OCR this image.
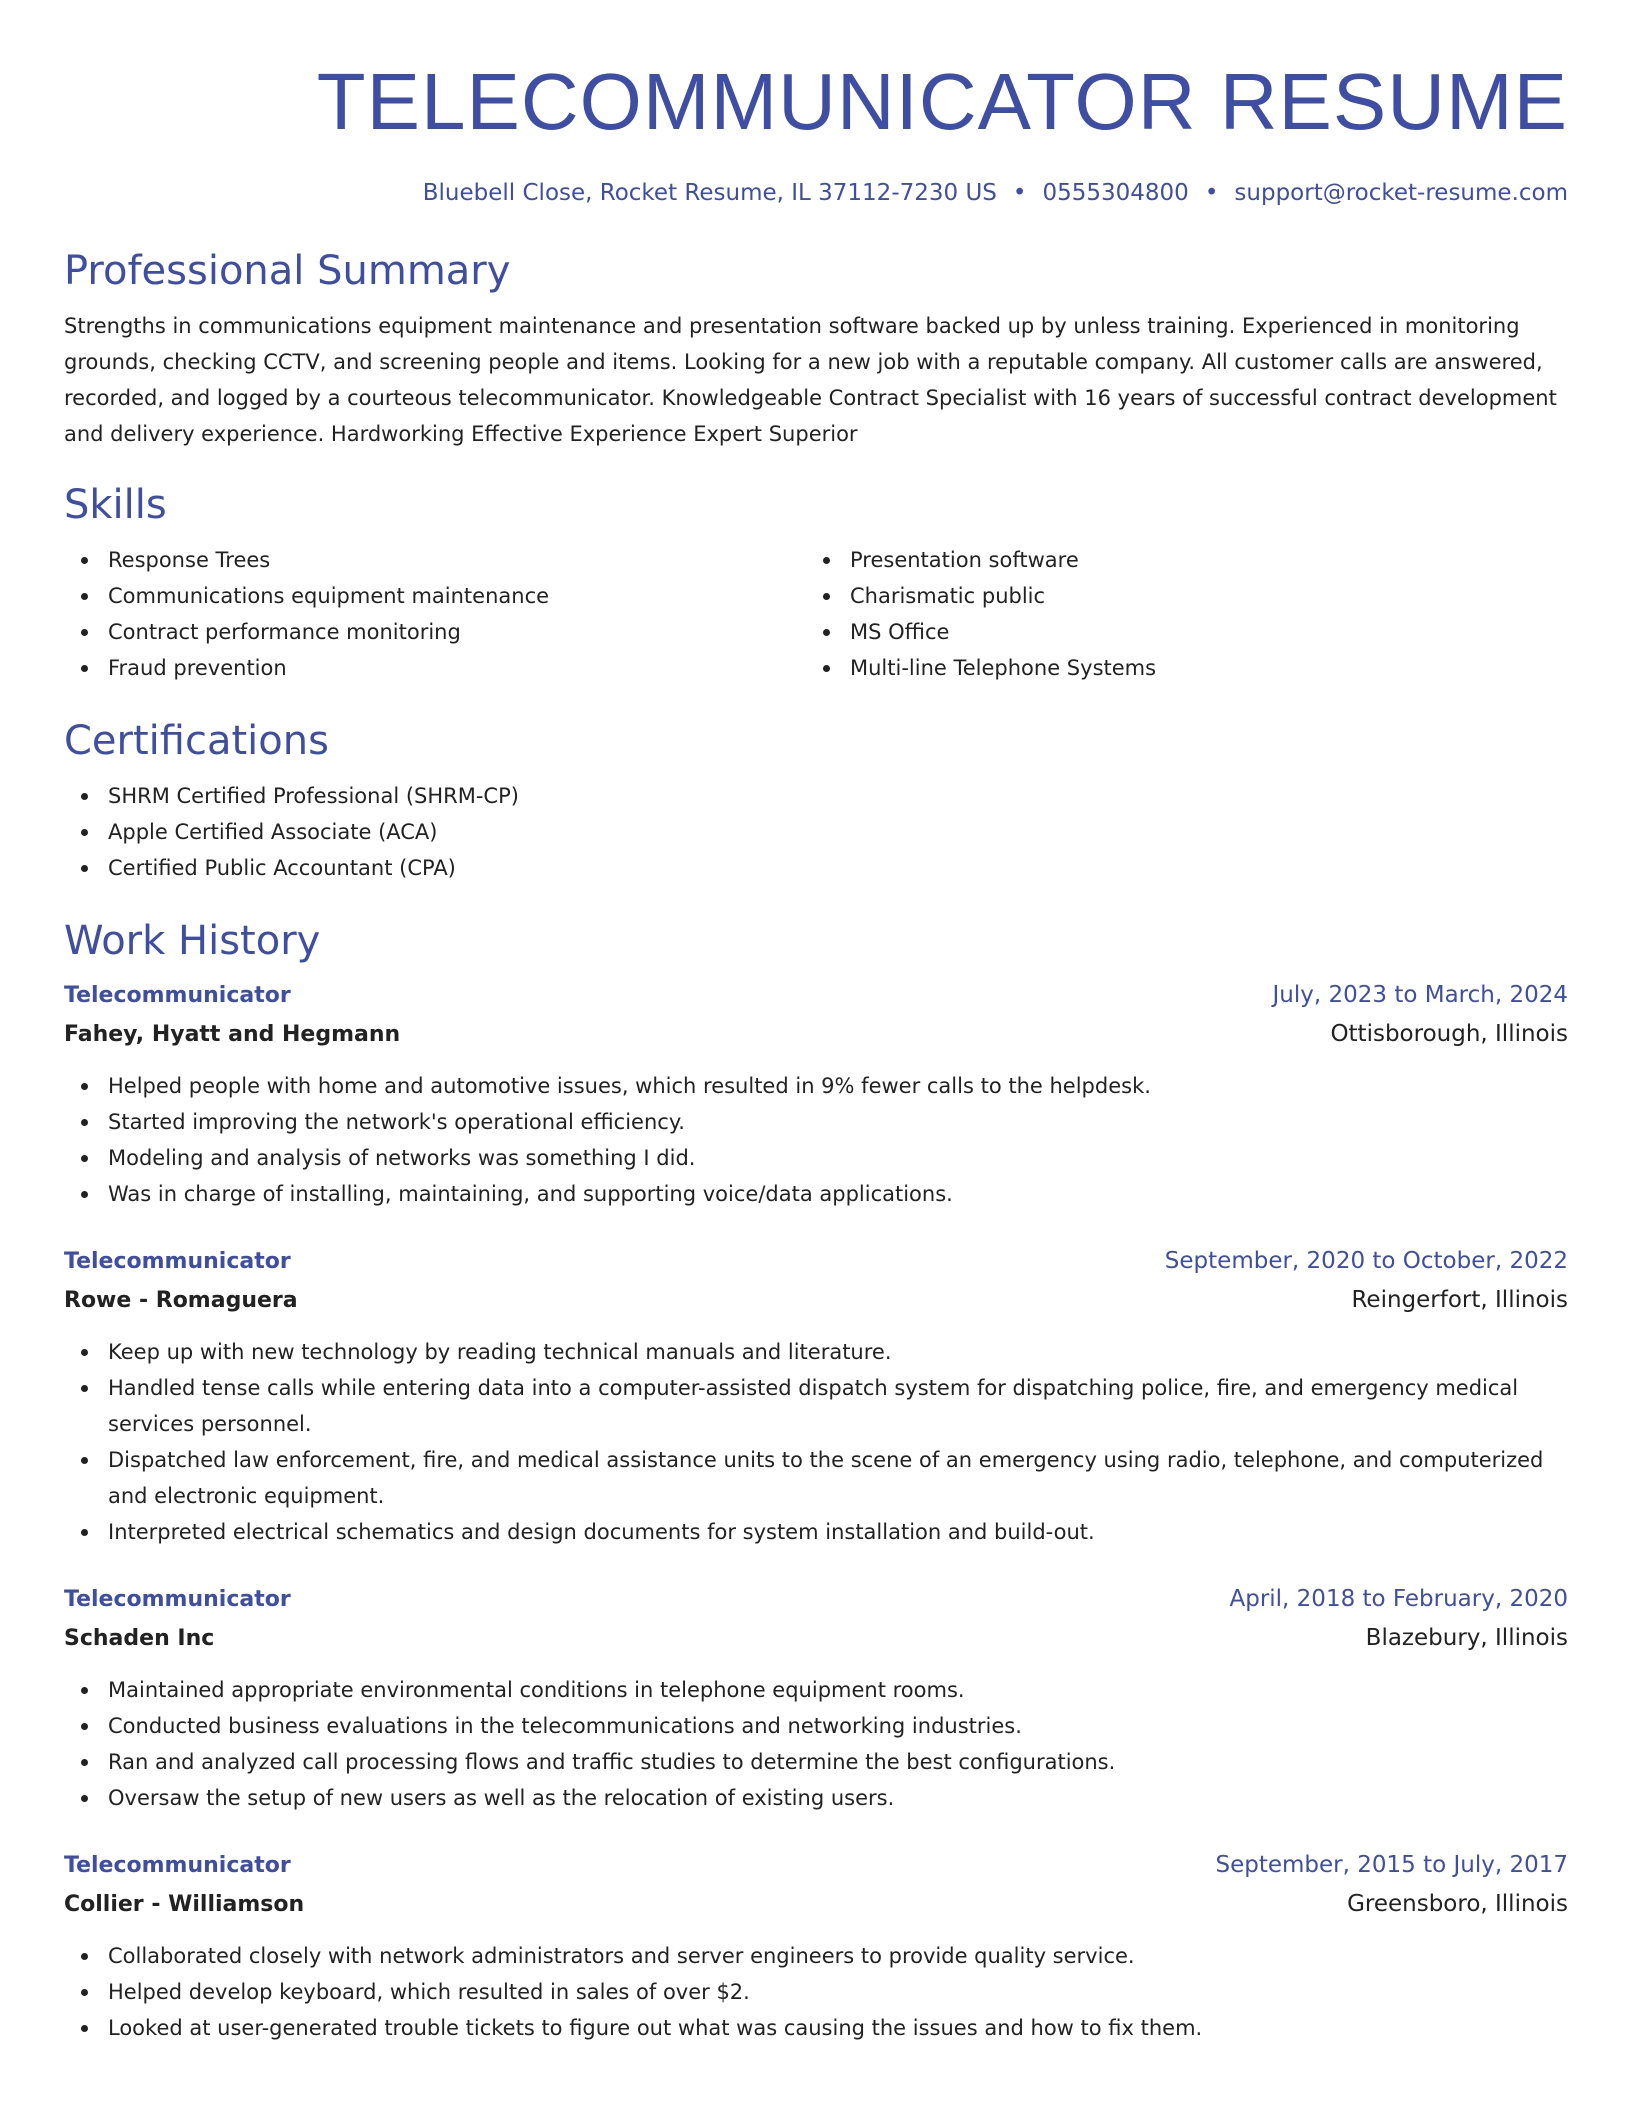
TELECOMMUNICATOR RESUME
Bluebell Close, Rocket Resume, IL 37112-7230 US • 0555304800 • support@rocket-resume.com
Professional Summary
Strengths in communications equipment maintenance and presentation software backed up by unless training. Experienced in monitoring grounds, checking CCTV, and screening people and items. Looking for a new job with a reputable company. All customer calls are answered, recorded, and logged by a courteous telecommunicator. Knowledgeable Contract Specialist with 16 years of successful contract development and delivery experience. Hardworking Effective Experience Expert Superior
Skills
Response Trees
Communications equipment maintenance
Contract performance monitoring
Fraud prevention
Presentation software
Charismatic public
MS Office
Multi-line Telephone Systems
Certifications
SHRM Certified Professional (SHRM-CP)
Apple Certified Associate (ACA)
Certified Public Accountant (CPA)
Work History
Telecommunicator	July, 2023 to March, 2024
Fahey, Hyatt and Hegmann	Ottisborough, Illinois
Helped people with home and automotive issues, which resulted in 9% fewer calls to the helpdesk.
Started improving the network's operational efficiency.
Modeling and analysis of networks was something I did.
Was in charge of installing, maintaining, and supporting voice/data applications.
Telecommunicator	September, 2020 to October, 2022
Rowe - Romaguera	Reingerfort, Illinois
Keep up with new technology by reading technical manuals and literature.
Handled tense calls while entering data into a computer-assisted dispatch system for dispatching police, fire, and emergency medical services personnel.
Dispatched law enforcement, fire, and medical assistance units to the scene of an emergency using radio, telephone, and computerized and electronic equipment.
Interpreted electrical schematics and design documents for system installation and build-out.
Telecommunicator	April, 2018 to February, 2020
Schaden Inc	Blazebury, Illinois
Maintained appropriate environmental conditions in telephone equipment rooms.
Conducted business evaluations in the telecommunications and networking industries.
Ran and analyzed call processing flows and traffic studies to determine the best configurations.
Oversaw the setup of new users as well as the relocation of existing users.
Telecommunicator	September, 2015 to July, 2017
Collier - Williamson	Greensboro, Illinois
Collaborated closely with network administrators and server engineers to provide quality service.
Helped develop keyboard, which resulted in sales of over $2.
Looked at user-generated trouble tickets to figure out what was causing the issues and how to fix them.
